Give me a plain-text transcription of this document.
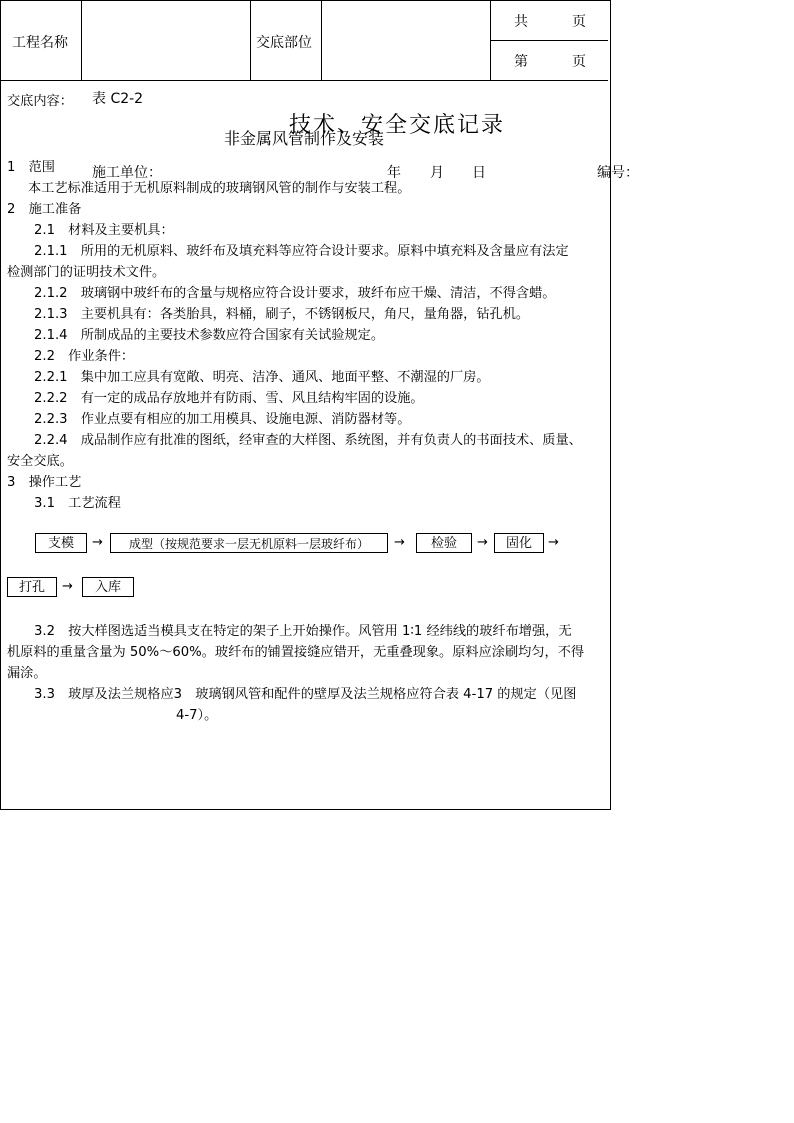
表 C2-2
技术、安全交底记录
施工单位：	年 月 日	编号：
工程名称	交底部位
共	页
第	页
交底内容：
非金属风管制作及安装
1　范围
本工艺标准适用于无机原料制成的玻璃钢风管的制作与安装工程。
2　施工准备
2.1　材料及主要机具：
2.1.1　所用的无机原料、玻纤布及填充料等应符合设计要求。原料中填充料及含量应有法定
检测部门的证明技术文件。
2.1.2　玻璃钢中玻纤布的含量与规格应符合设计要求，玻纤布应干燥、清洁，不得含蜡。
2.1.3　主要机具有：各类胎具，料桶，刷子，不锈钢板尺，角尺，量角器，钻孔机。
2.1.4　所制成品的主要技术参数应符合国家有关试验规定。
2.2　作业条件：
2.2.1　集中加工应具有宽敞、明亮、洁净、通风、地面平整、不潮湿的厂房。
2.2.2　有一定的成品存放地并有防雨、雪、风且结构牢固的设施。
2.2.3　作业点要有相应的加工用模具、设施电源、消防器材等。
2.2.4　成品制作应有批准的图纸，经审查的大样图、系统图，并有负责人的书面技术、质量、
安全交底。
3　操作工艺
3.1　工艺流程
支模	→	成型（按规范要求一层无机原料一层玻纤布）	→	检验	→	固化	→
打孔	→	入库
3.2　按大样图选适当模具支在特定的架子上开始操作。风管用 1∶1 经纬线的玻纤布增强，无
机原料的重量含量为 50%～60%。玻纤布的铺置接缝应错开，无重叠现象。原料应涂刷均匀，不得
漏涂。
3.3　玻厚及法兰规格应3　玻璃钢风管和配件的壁厚及法兰规格应符合表 4-17 的规定（见图
4-7）。
